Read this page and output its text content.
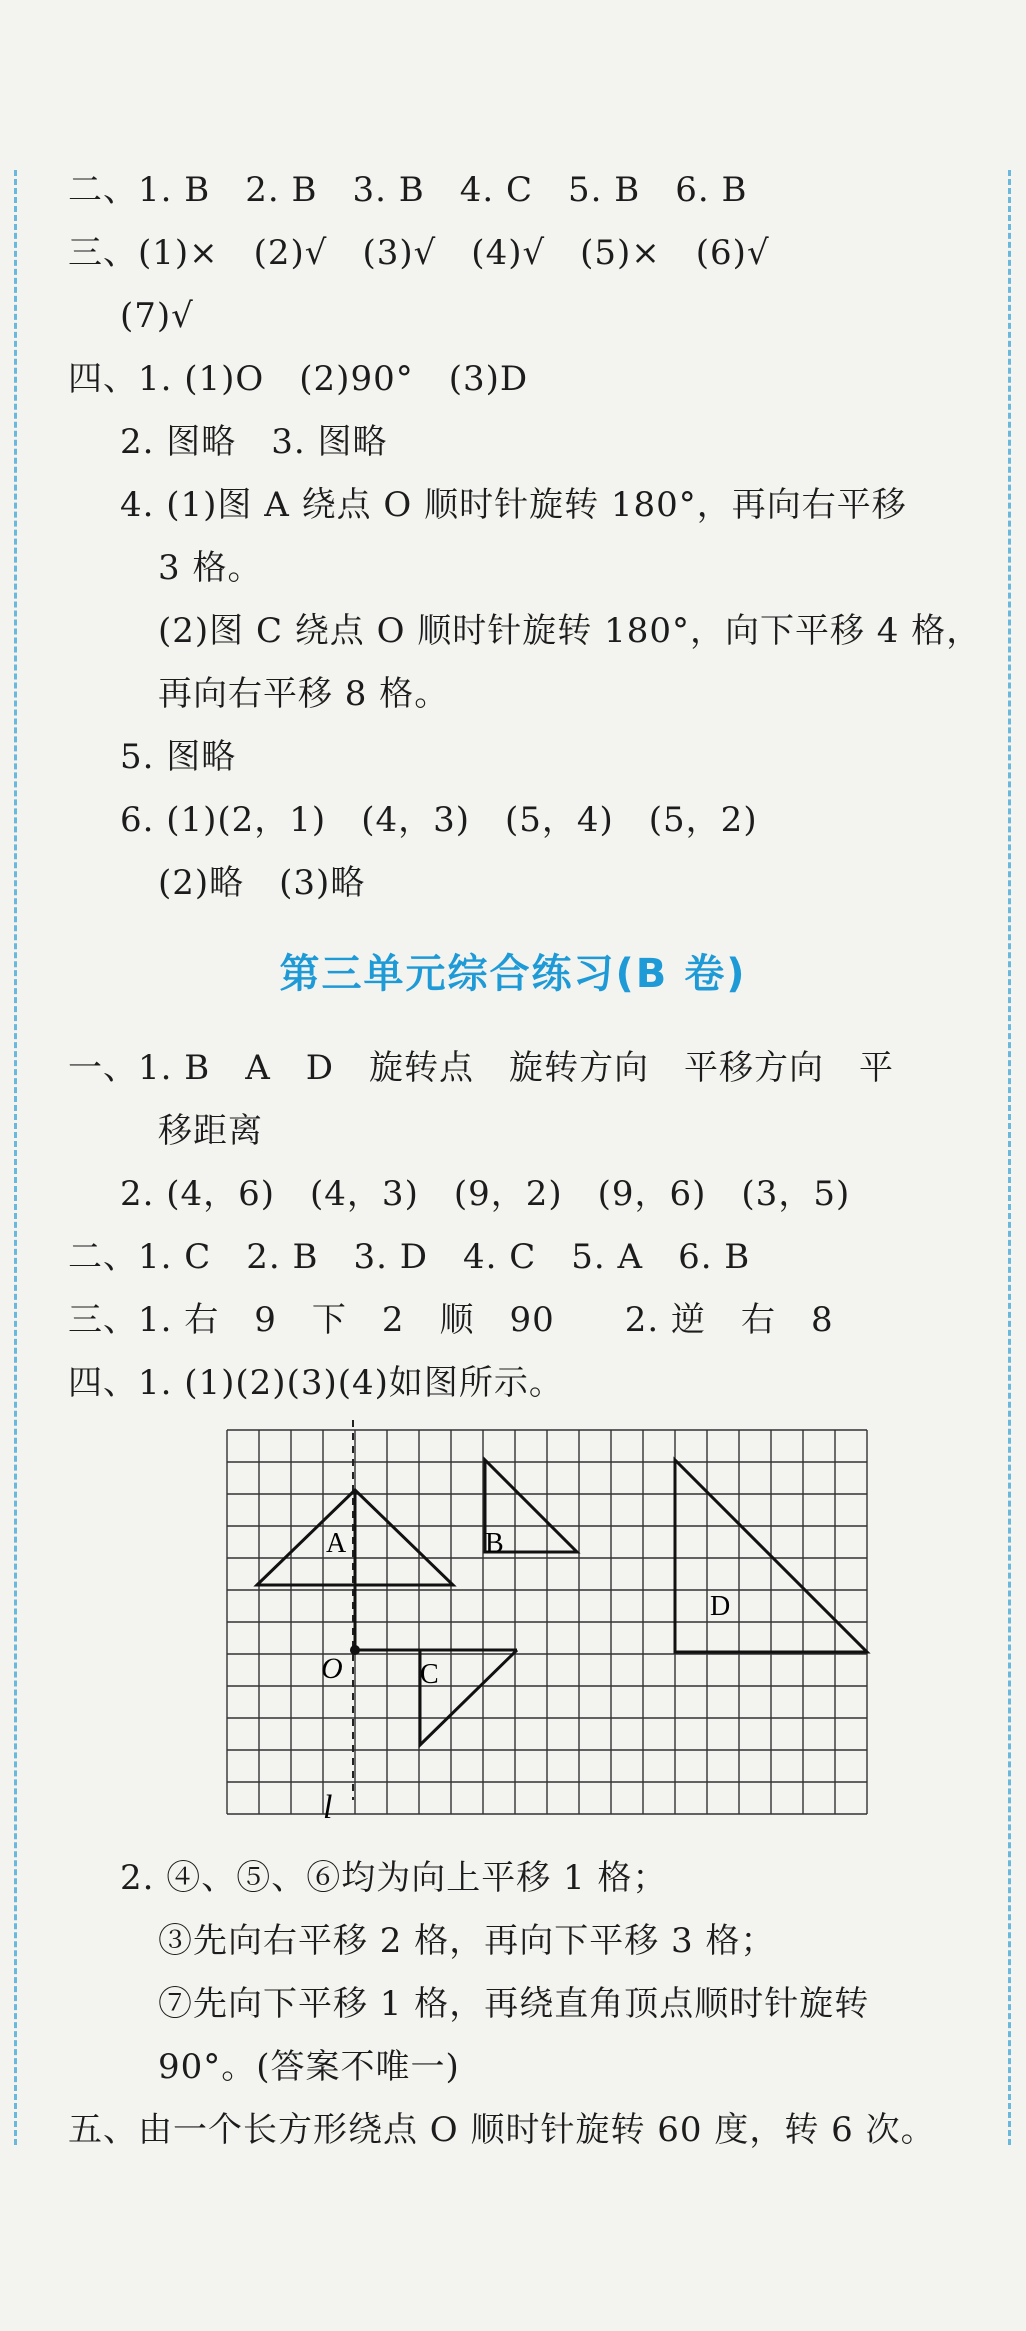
二、1. B　2. B　3. B　4. C　5. B　6. B
三、(1)×　(2)√　(3)√　(4)√　(5)×　(6)√
(7)√
四、1. (1)O　(2)90°　(3)D
2. 图略　3. 图略
4. (1)图 A 绕点 O 顺时针旋转 180°，再向右平移
3 格。
(2)图 C 绕点 O 顺时针旋转 180°，向下平移 4 格，
再向右平移 8 格。
5. 图略
6. (1)(2，1)　(4，3)　(5，4)　(5，2)
(2)略　(3)略
第三单元综合练习(B 卷)
一、1. B　A　D　旋转点　旋转方向　平移方向　平
移距离
2. (4，6)　(4，3)　(9，2)　(9，6)　(3，5)
二、1. C　2. B　3. D　4. C　5. A　6. B
三、1. 右　9　下　2　顺　90　　2. 逆　右　8
四、1. (1)(2)(3)(4)如图所示。
A	B
C
D
O
l
2. ④、⑤、⑥均为向上平移 1 格；
③先向右平移 2 格，再向下平移 3 格；
⑦先向下平移 1 格，再绕直角顶点顺时针旋转
90°。(答案不唯一)
五、由一个长方形绕点 O 顺时针旋转 60 度，转 6 次。
